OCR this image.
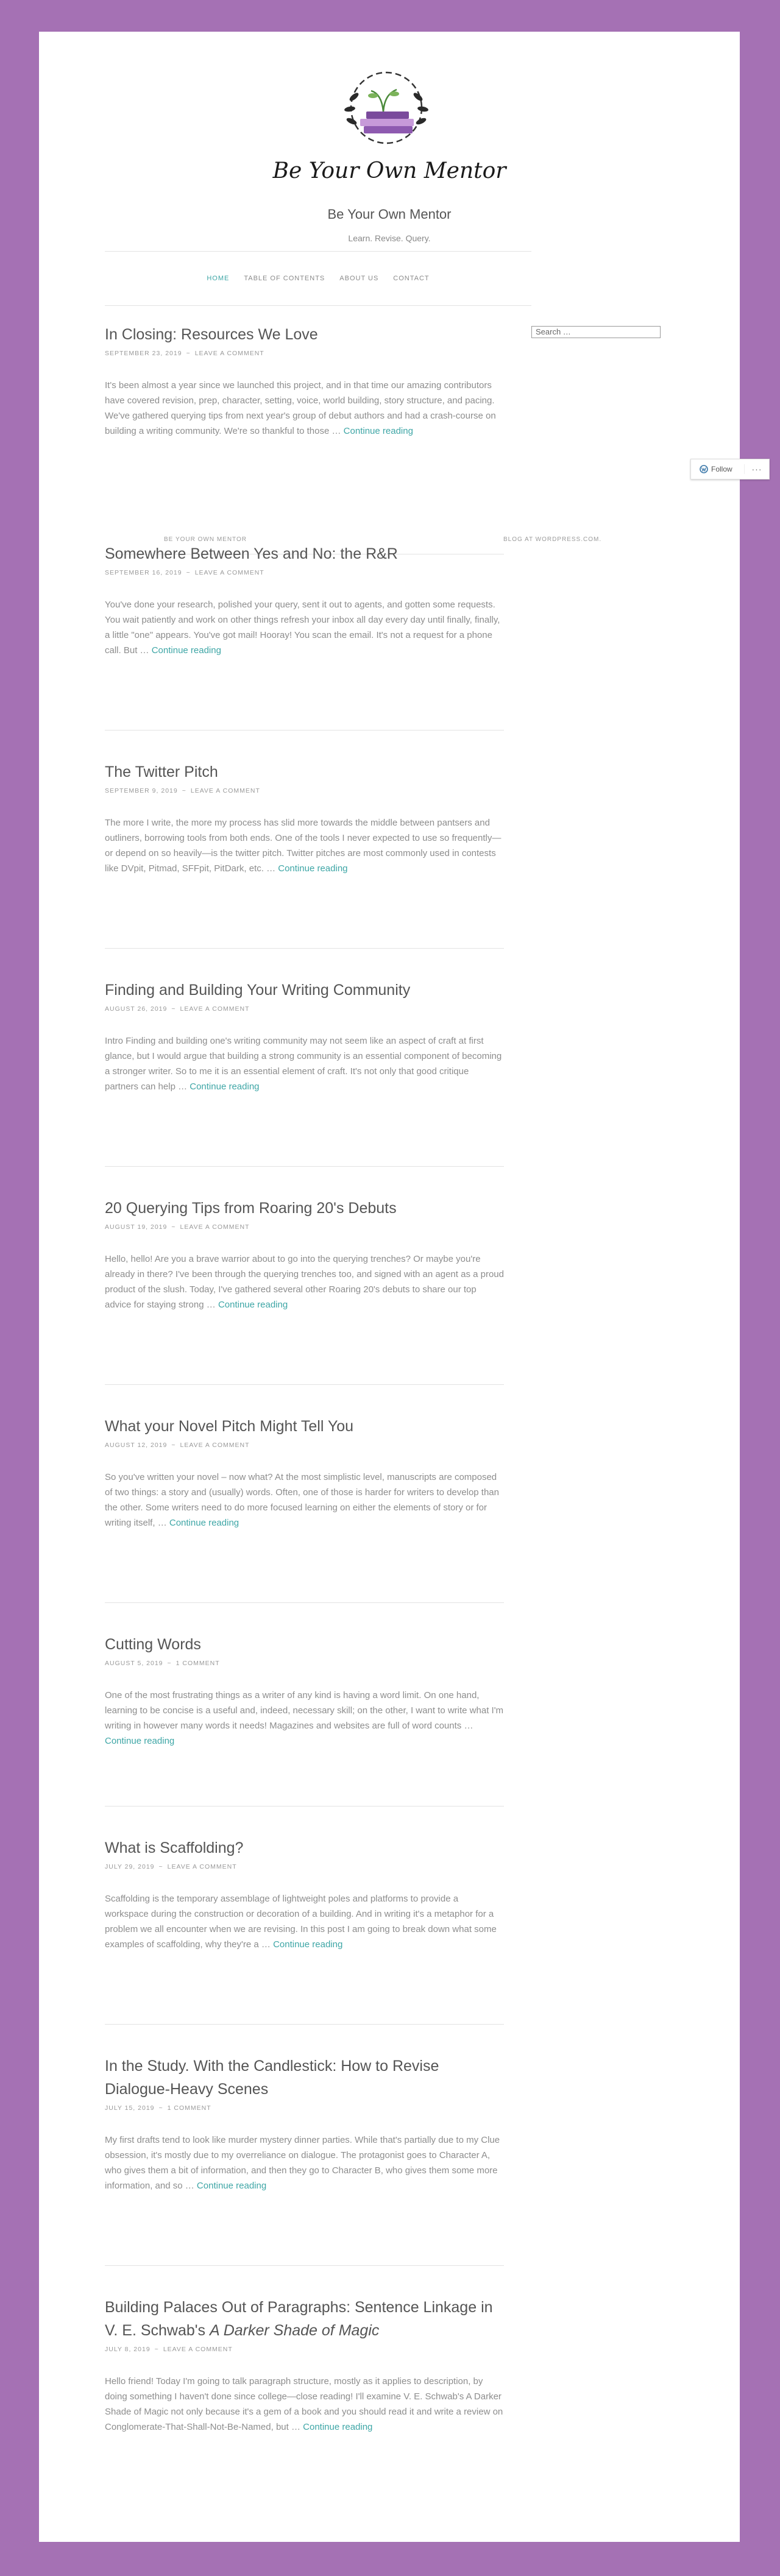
Be Your Own Mentor
Be Your Own Mentor
Learn. Revise. Query.
HOME TABLE OF CONTENTS ABOUT US CONTACT
Search …
In Closing: Resources We Love
SEPTEMBER 23, 2019 ~ LEAVE A COMMENT
It's been almost a year since we launched this project, and in that time our amazing contributors have covered revision, prep, character, setting, voice, world building, story structure, and pacing. We've gathered querying tips from next year's group of debut authors and had a crash-course on building a writing community. We're so thankful to those … Continue reading
BE YOUR OWN MENTOR	BLOG AT WORDPRESS.COM.
Somewhere Between Yes and No: the R&R
SEPTEMBER 16, 2019 ~ LEAVE A COMMENT
You've done your research, polished your query, sent it out to agents, and gotten some requests. You wait patiently and work on other things refresh your inbox all day every day until finally, finally, a little "one" appears. You've got mail! Hooray! You scan the email. It's not a request for a phone call. But … Continue reading
The Twitter Pitch
SEPTEMBER 9, 2019 ~ LEAVE A COMMENT
The more I write, the more my process has slid more towards the middle between pantsers and outliners, borrowing tools from both ends. One of the tools I never expected to use so frequently—or depend on so heavily—is the twitter pitch. Twitter pitches are most commonly used in contests like DVpit, Pitmad, SFFpit, PitDark, etc. … Continue reading
Finding and Building Your Writing Community
AUGUST 26, 2019 ~ LEAVE A COMMENT
Intro Finding and building one's writing community may not seem like an aspect of craft at first glance, but I would argue that building a strong community is an essential component of becoming a stronger writer. So to me it is an essential element of craft. It's not only that good critique partners can help … Continue reading
20 Querying Tips from Roaring 20's Debuts
AUGUST 19, 2019 ~ LEAVE A COMMENT
Hello, hello! Are you a brave warrior about to go into the querying trenches? Or maybe you're already in there? I've been through the querying trenches too, and signed with an agent as a proud product of the slush. Today, I've gathered several other Roaring 20's debuts to share our top advice for staying strong … Continue reading
What your Novel Pitch Might Tell You
AUGUST 12, 2019 ~ LEAVE A COMMENT
So you've written your novel – now what? At the most simplistic level, manuscripts are composed of two things: a story and (usually) words. Often, one of those is harder for writers to develop than the other. Some writers need to do more focused learning on either the elements of story or for writing itself, … Continue reading
Cutting Words
AUGUST 5, 2019 ~ 1 COMMENT
One of the most frustrating things as a writer of any kind is having a word limit. On one hand, learning to be concise is a useful and, indeed, necessary skill; on the other, I want to write what I'm writing in however many words it needs! Magazines and websites are full of word counts … Continue reading
What is Scaffolding?
JULY 29, 2019 ~ LEAVE A COMMENT
Scaffolding is the temporary assemblage of lightweight poles and platforms to provide a workspace during the construction or decoration of a building. And in writing it's a metaphor for a problem we all encounter when we are revising. In this post I am going to break down what some examples of scaffolding, why they're a … Continue reading
In the Study. With the Candlestick: How to Revise Dialogue-Heavy Scenes
JULY 15, 2019 ~ 1 COMMENT
My first drafts tend to look like murder mystery dinner parties. While that's partially due to my Clue obsession, it's mostly due to my overreliance on dialogue. The protagonist goes to Character A, who gives them a bit of information, and then they go to Character B, who gives them some more information, and so … Continue reading
Building Palaces Out of Paragraphs: Sentence Linkage in V. E. Schwab's A Darker Shade of Magic
JULY 8, 2019 ~ LEAVE A COMMENT
Hello friend! Today I'm going to talk paragraph structure, mostly as it applies to description, by doing something I haven't done since college—close reading! I'll examine V. E. Schwab's A Darker Shade of Magic not only because it's a gem of a book and you should read it and write a review on Conglomerate-That-Shall-Not-Be-Named, but … Continue reading
Follow	···
